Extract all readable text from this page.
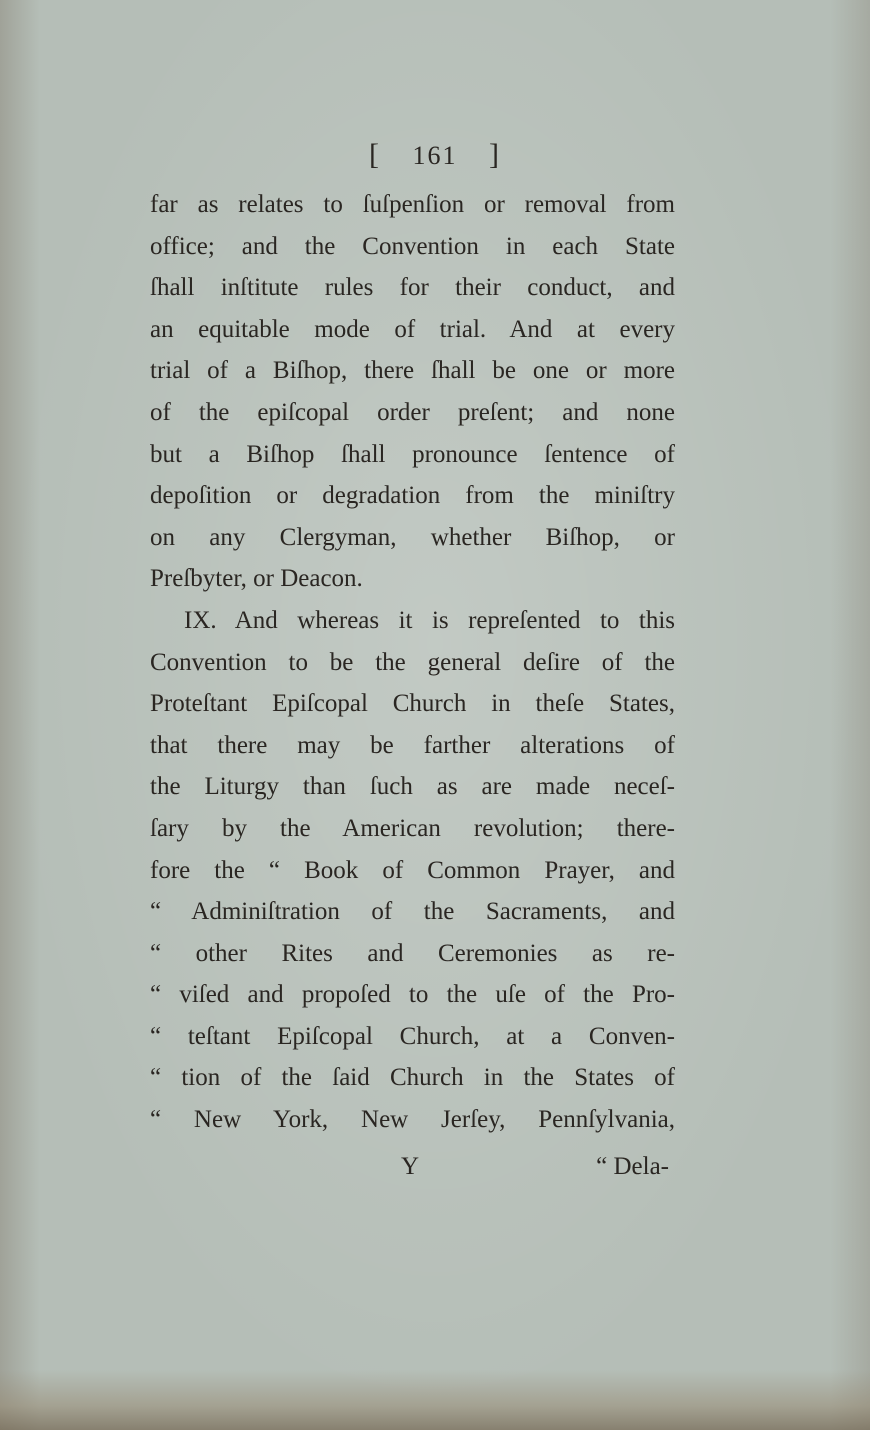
[ 161 ]
far as relates to ſuſpenſion or removal from
office; and the Convention in each State
ſhall inſtitute rules for their conduct, and
an equitable mode of trial. And at every
trial of a Biſhop, there ſhall be one or more
of the epiſcopal order preſent; and none
but a Biſhop ſhall pronounce ſentence of
depoſition or degradation from the miniſtry
on any Clergyman, whether Biſhop, or
Preſbyter, or Deacon.
IX. And whereas it is repreſented to this
Convention to be the general deſire of the
Proteſtant Epiſcopal Church in theſe States,
that there may be farther alterations of
the Liturgy than ſuch as are made neceſ-
ſary by the American revolution; there-
fore the “ Book of Common Prayer, and
“ Adminiſtration of the Sacraments, and
“ other Rites and Ceremonies as re-
“ viſed and propoſed to the uſe of the Pro-
“ teſtant Epiſcopal Church, at a Conven-
“ tion of the ſaid Church in the States of
“ New York, New Jerſey, Pennſylvania,
Y	“ Dela-
